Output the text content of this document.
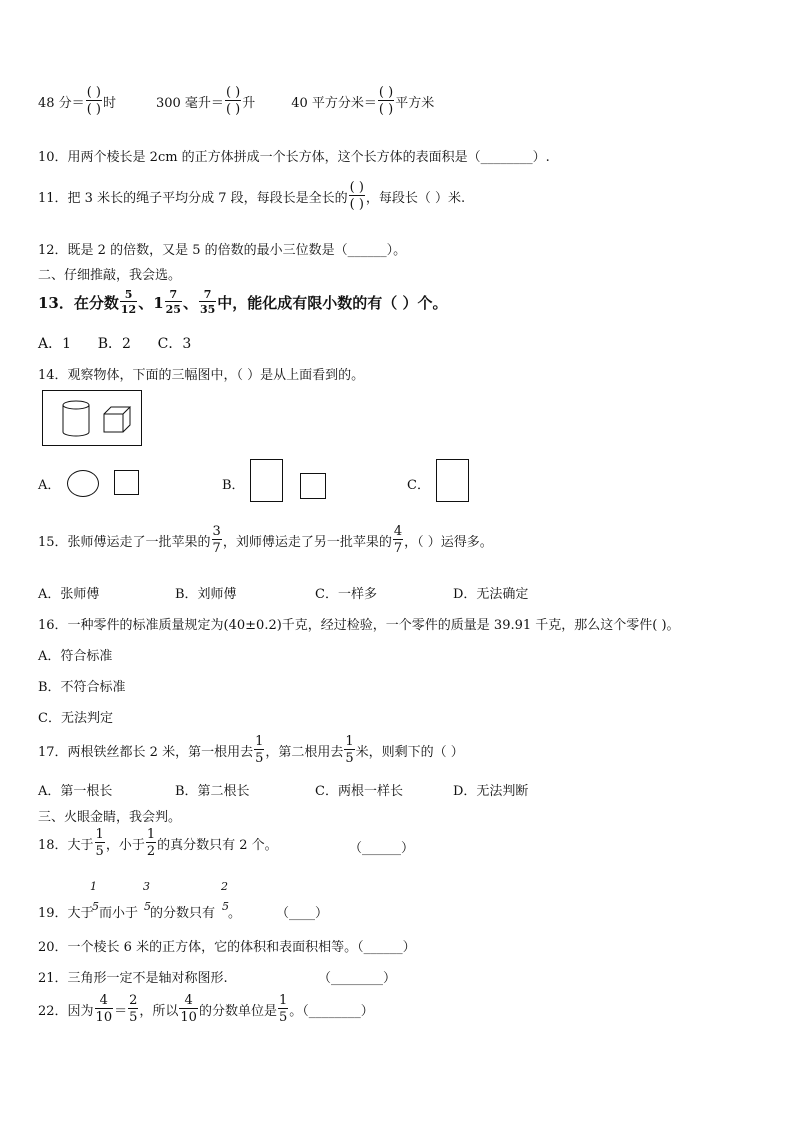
48 分＝ $\frac{( )}{( )}$ 时	300 毫升＝ $\frac{( )}{( )}$ 升	40 平方分米＝ $\frac{( )}{( )}$ 平方米
10．用两个棱长是 2cm 的正方体拼成一个长方体，这个长方体的表面积是（________）.
11．把 3 米长的绳子平均分成 7 段，每段长是全长的 $\frac{( )}{( )}$ ，每段长（ ）米.
12．既是 2 的倍数，又是 5 的倍数的最小三位数是（______）。
二、仔细推敲，我会选。
13．在分数 $\frac{5}{12}$ 、$1 \frac{7}{25}$ 、 $\frac{7}{35}$ 中，能化成有限小数的有（ ）个。
A．1      B．2      C．3
14．观察物体，下面的三幅图中，（ ）是从上面看到的。
A．	B．	C．
15．张师傅运走了一批苹果的 $\frac{3}{7}$ ，刘师傅运走了另一批苹果的 $\frac{4}{7}$ ，（ ）运得多。
A．张师傅	B．刘师傅	C．一样多	D．无法确定
16．一种零件的标准质量规定为(40±0.2)千克，经过检验，一个零件的质量是 39.91 千克，那么这个零件( )。
A．符合标准
B．不符合标准
C．无法判定
17．两根铁丝都长 2 米，第一根用去 $\frac{1}{5}$ ，第二根用去 $\frac{1}{5}$ 米，则剩下的（ ）
A．第一根长	B．第二根长	C．两根一样长	D．无法判断
三、火眼金睛，我会判。
18．大于 $\frac{1}{5}$ ，小于 $\frac{1}{2}$ 的真分数只有 2 个。	（______）
19．大于
1
5 而小于
3
5 的分数只有
2
5 。	（____）
20．一个棱长 6 米的正方体，它的体积和表面积相等。（______）
21．三角形一定不是轴对称图形.	（________）
22．因为 $\frac{4}{10} = \frac{2}{5}$ ，所以 $\frac{4}{10}$ 的分数单位是 $\frac{1}{5}$ 。（________）
